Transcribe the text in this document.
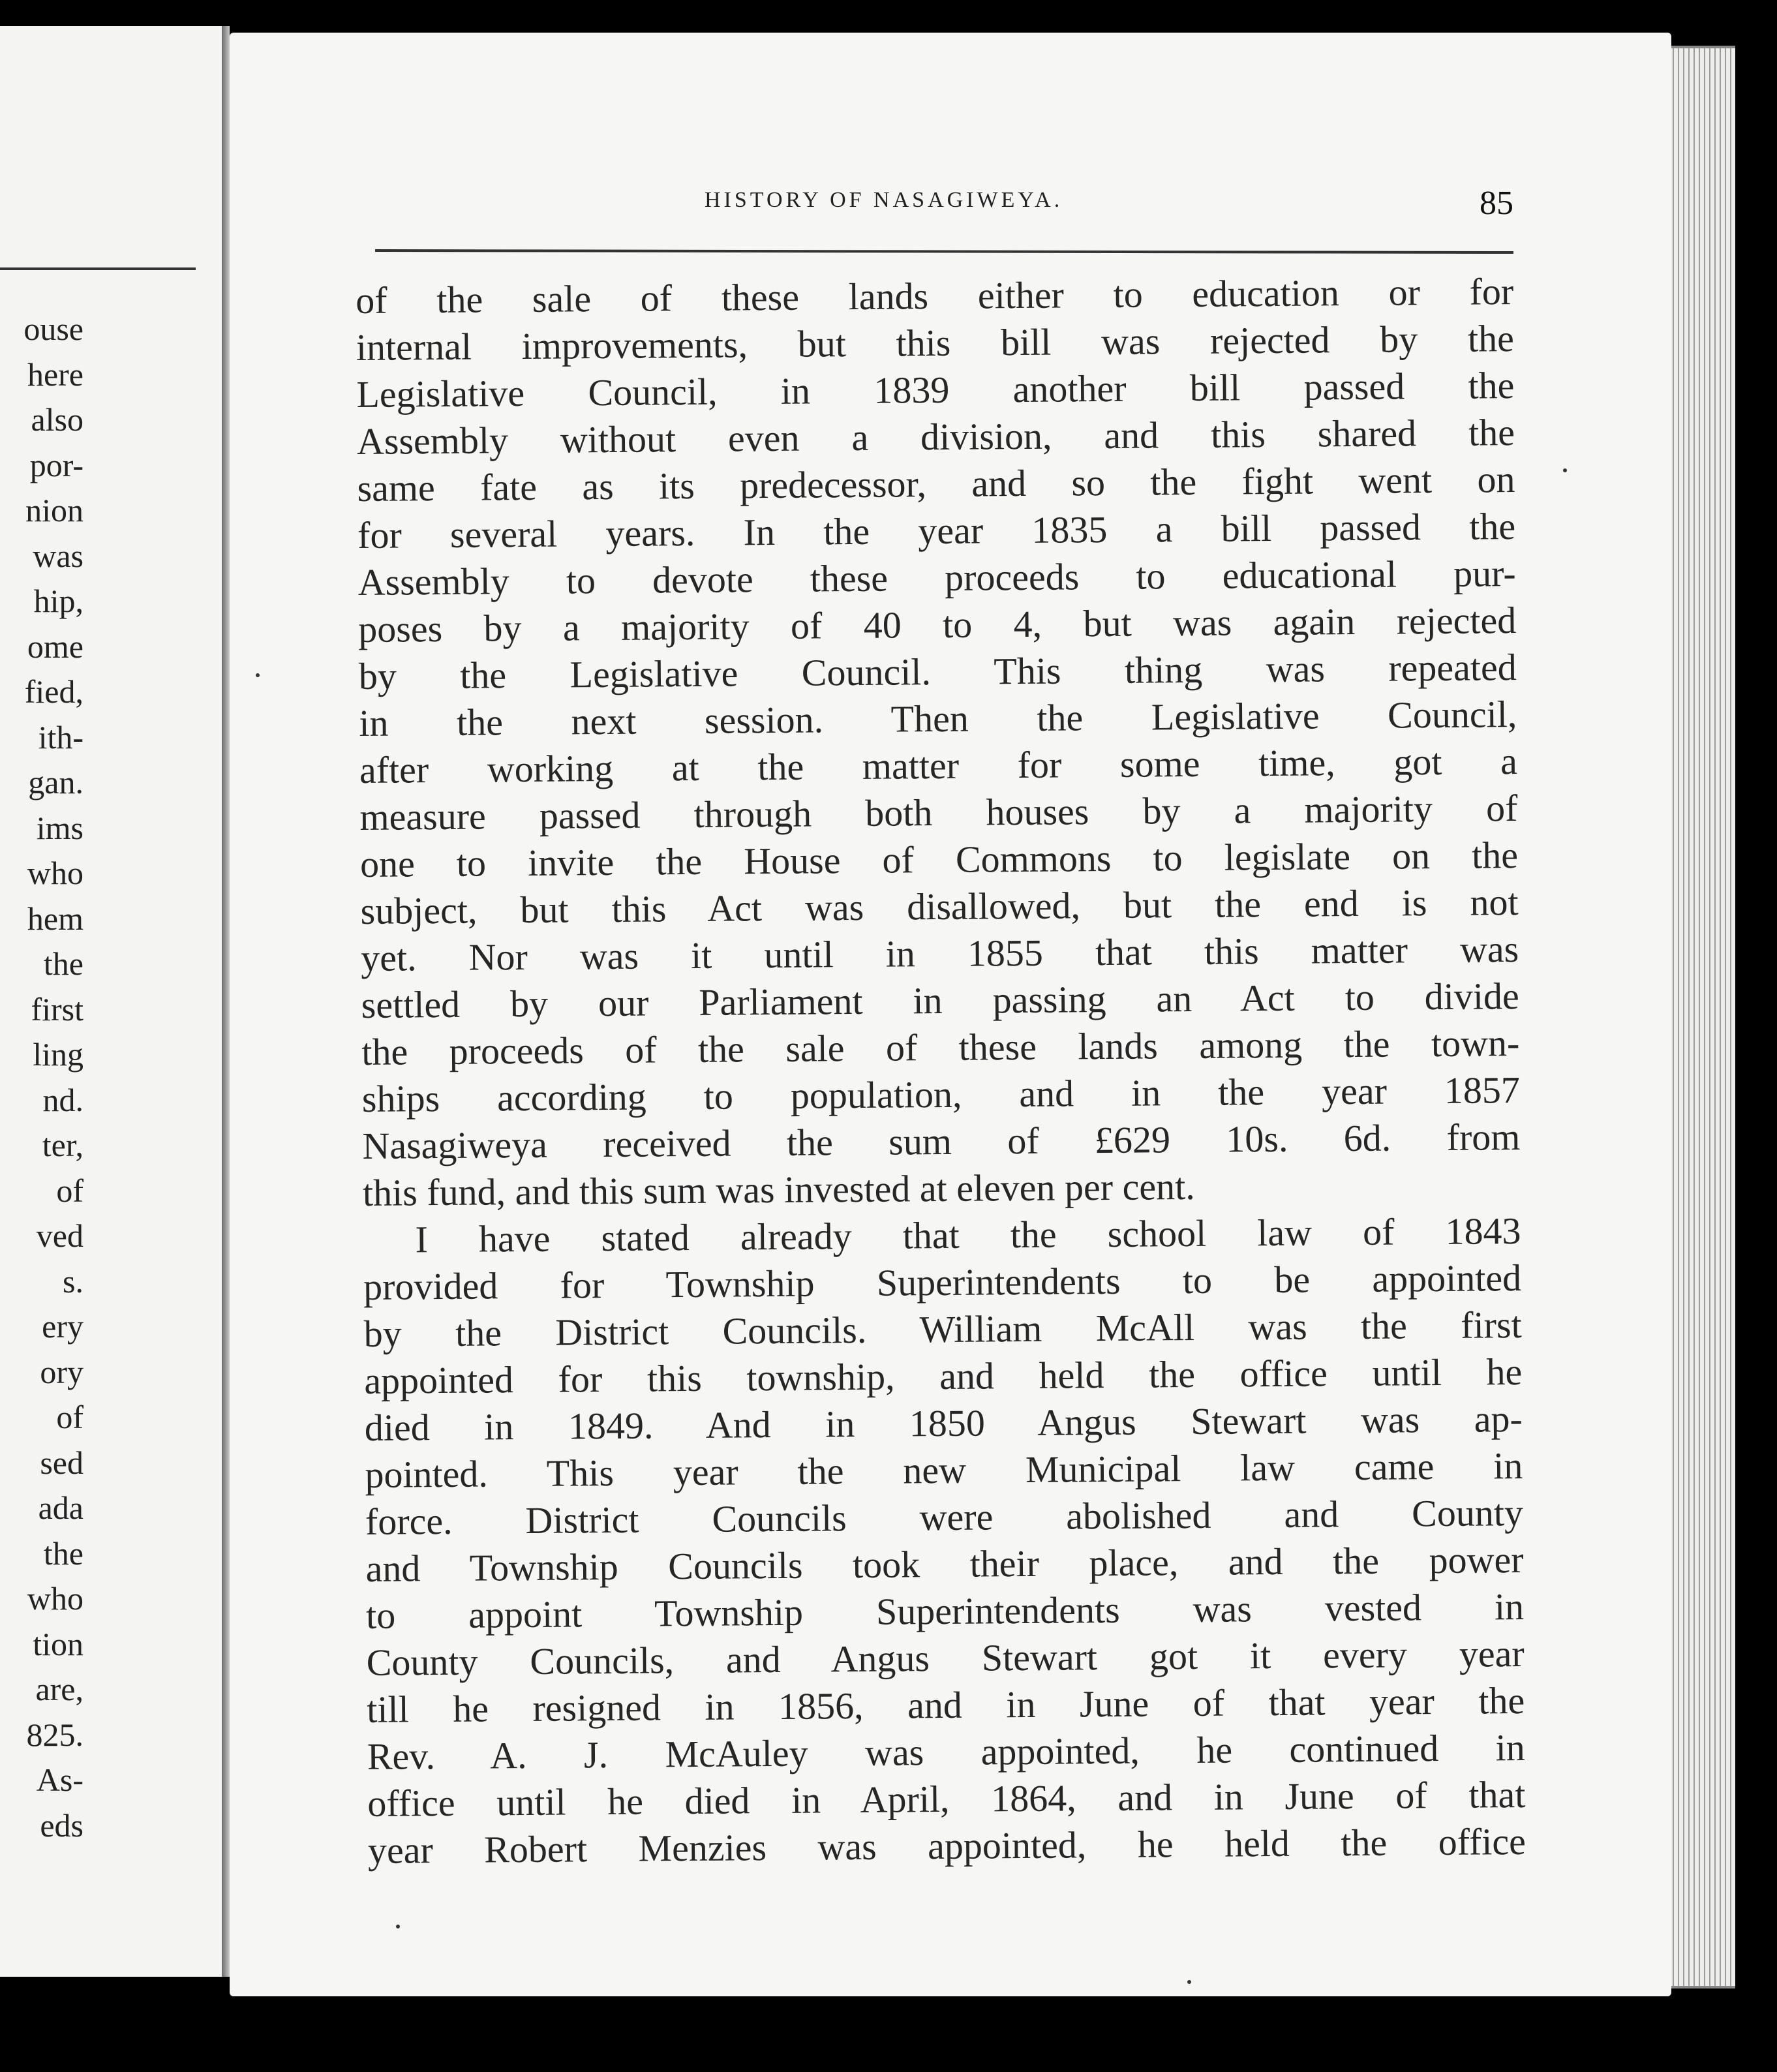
ouse
here
also
por-
nion
was
hip,
ome
fied,
ith-
gan.
ims
who
hem
the
first
ling
nd.
ter,
of
ved
s.
ery
ory
of
sed
ada
the
who
tion
are,
825.
As-
eds
HISTORY OF NASAGIWEYA.	85
of the sale of these lands either to education or for
internal improvements, but this bill was rejected by the
Legislative Council, in 1839 another bill passed the
Assembly without even a division, and this shared the
same fate as its predecessor, and so the fight went on
for several years. In the year 1835 a bill passed the
Assembly to devote these proceeds to educational pur-
poses by a majority of 40 to 4, but was again rejected
by the Legislative Council. This thing was repeated
in the next session. Then the Legislative Council,
after working at the matter for some time, got a
measure passed through both houses by a majority of
one to invite the House of Commons to legislate on the
subject, but this Act was disallowed, but the end is not
yet. Nor was it until in 1855 that this matter was
settled by our Parliament in passing an Act to divide
the proceeds of the sale of these lands among the town-
ships according to population, and in the year 1857
Nasagiweya received the sum of £629 10s. 6d. from
this fund, and this sum was invested at eleven per cent.
I have stated already that the school law of 1843
provided for Township Superintendents to be appointed
by the District Councils. William McAll was the first
appointed for this township, and held the office until he
died in 1849. And in 1850 Angus Stewart was ap-
pointed. This year the new Municipal law came in
force. District Councils were abolished and County
and Township Councils took their place, and the power
to appoint Township Superintendents was vested in
County Councils, and Angus Stewart got it every year
till he resigned in 1856, and in June of that year the
Rev. A. J. McAuley was appointed, he continued in
office until he died in April, 1864, and in June of that
year Robert Menzies was appointed, he held the office
